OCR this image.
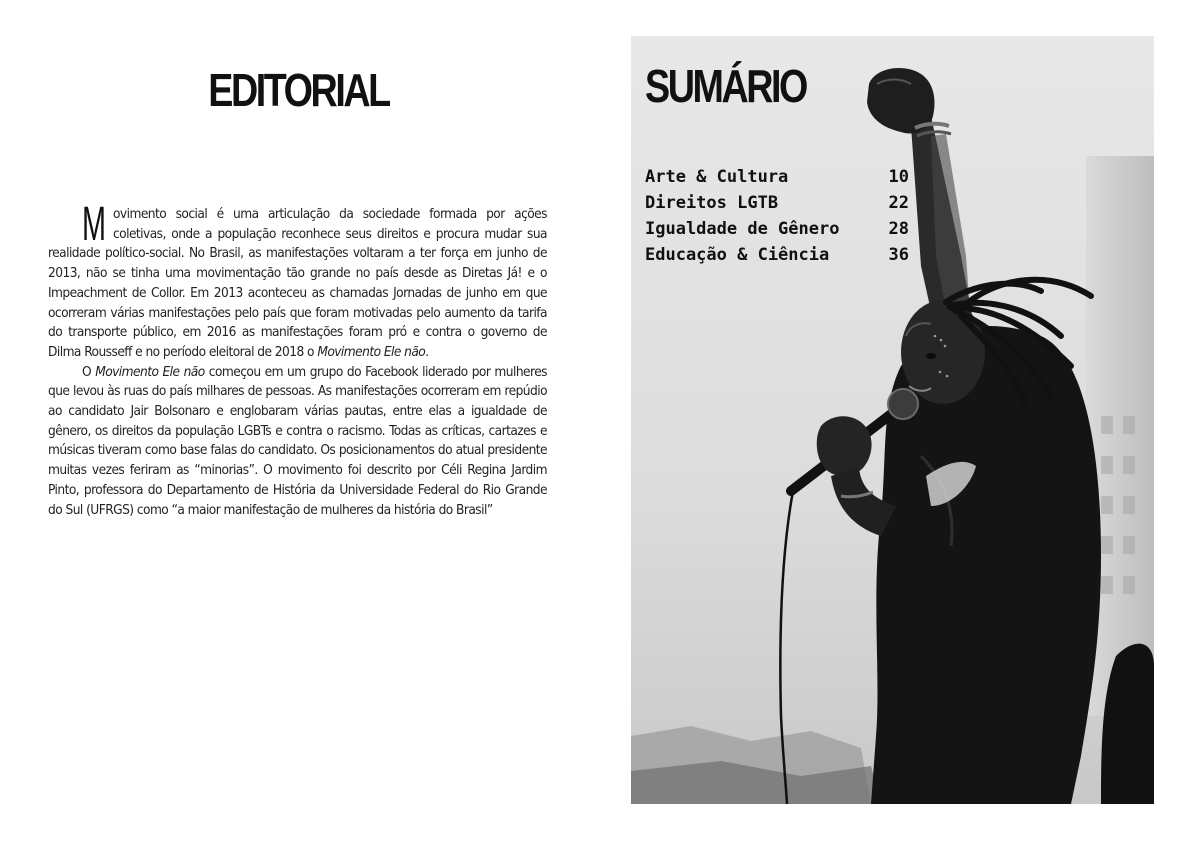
EDITORIAL

Movimento social é uma articulação da sociedade formada por ações coletivas, onde a população reconhece seus direitos e procura mudar sua realidade político-social. No Brasil, as manifestações voltaram a ter força em junho de 2013, não se tinha uma movimentação tão grande no país desde as Diretas Já! e o Impeachment de Collor. Em 2013 aconteceu as chamadas Jornadas de junho em que ocorreram várias manifestações pelo país que foram motivadas pelo aumento da tarifa do transporte público, em 2016 as manifestações foram pró e contra o governo de Dilma Rousseff e no período eleitoral de 2018 o Movimento Ele não.

O Movimento Ele não começou em um grupo do Facebook liderado por mulheres que levou às ruas do país milhares de pessoas. As manifestações ocorreram em repúdio ao candidato Jair Bolsonaro e englobaram várias pautas, entre elas a igualdade de gênero, os direitos da população LGBTs e contra o racismo. Todas as críticas, cartazes e músicas tiveram como base falas do candidato. Os posicionamentos do atual presidente muitas vezes feriram as “minorias”. O movimento foi descrito por Céli Regina Jardim Pinto, professora do Departamento de História da Universidade Federal do Rio Grande do Sul (UFRGS) como “a maior manifestação de mulheres da história do Brasil”

SUMÁRIO
Arte & Cultura	10
Direitos LGTB	22
Igualdade de Gênero	28
Educação & Ciência	36
